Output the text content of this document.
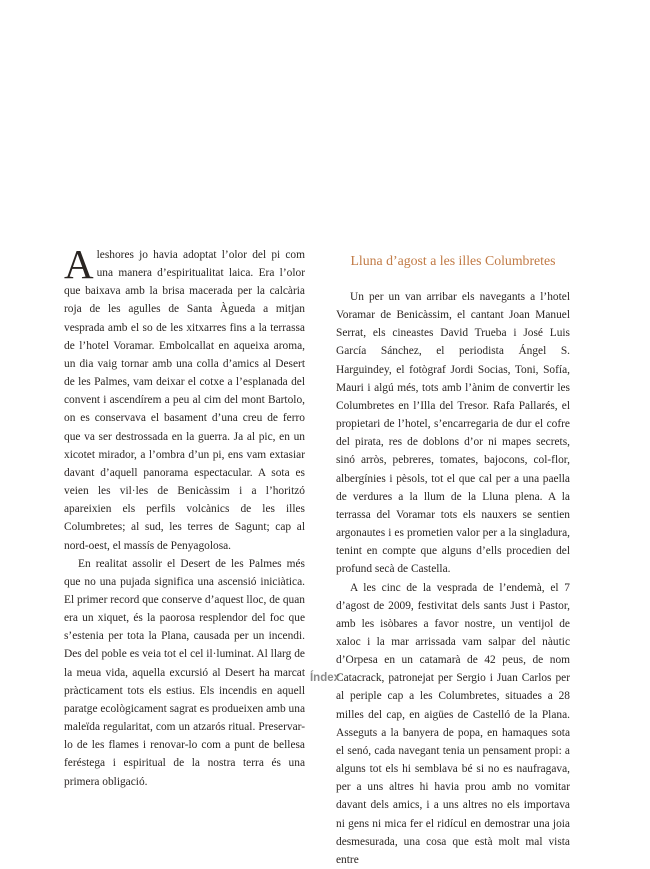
Aleshores jo havia adoptat l’olor del pi com una manera d’espiritualitat laica. Era l’olor que baixava amb la brisa macerada per la calcària roja de les agulles de Santa Àgueda a mitjan vesprada amb el so de les xitxarres fins a la terrassa de l’hotel Voramar. Embolcallat en aqueixa aroma, un dia vaig tornar amb una colla d’amics al Desert de les Palmes, vam deixar el cotxe a l’esplanada del convent i ascendírem a peu al cim del mont Bartolo, on es conservava el basament d’una creu de ferro que va ser destrossada en la guerra. Ja al pic, en un xicotet mirador, a l’ombra d’un pi, ens vam extasiar davant d’aquell panorama espectacular. A sota es veien les vil·les de Benicàssim i a l’horitzó apareixien els perfils volcànics de les illes Columbretes; al sud, les terres de Sagunt; cap al nord-oest, el massís de Penyagolosa.

En realitat assolir el Desert de les Palmes més que no una pujada significa una ascensió iniciàtica. El primer record que conserve d’aquest lloc, de quan era un xiquet, és la paorosa resplendor del foc que s’estenia per tota la Plana, causada per un incendi. Des del poble es veia tot el cel il·luminat. Al llarg de la meua vida, aquella excursió al Desert ha marcat pràcticament tots els estius. Els incendis en aquell paratge ecològicament sagrat es produeixen amb una maleïda regularitat, com un atzarós ritual. Preservar-lo de les flames i renovar-lo com a punt de bellesa feréstega i espiritual de la nostra terra és una primera obligació.

Lluna d’agost a les illes Columbretes

Un per un van arribar els navegants a l’hotel Voramar de Benicàssim, el cantant Joan Manuel Serrat, els cineastes David Trueba i José Luis García Sánchez, el periodista Ángel S. Harguindey, el fotògraf Jordi Socias, Toni, Sofía, Mauri i algú més, tots amb l’ànim de convertir les Columbretes en l’Illa del Tresor. Rafa Pallarés, el propietari de l’hotel, s’encarregaria de dur el cofre del pirata, res de doblons d’or ni mapes secrets, sinó arròs, pebreres, tomates, bajocons, col-flor, albergínies i pèsols, tot el que cal per a una paella de verdures a la llum de la Lluna plena. A la terrassa del Voramar tots els nauxers se sentien argonautes i es prometien valor per a la singladura, tenint en compte que alguns d’ells procedien del profund secà de Castella.

A les cinc de la vesprada de l’endemà, el 7 d’agost de 2009, festivitat dels sants Just i Pastor, amb les isòbares a favor nostre, un ventijol de xaloc i la mar arrissada vam salpar del nàutic d’Orpesa en un catamarà de 42 peus, de nom Catacrack, patronejat per Sergio i Juan Carlos per al periple cap a les Columbretes, situades a 28 milles del cap, en aigües de Castelló de la Plana. Asseguts a la banyera de popa, en hamaques sota el senó, cada navegant tenia un pensament propi: a alguns tot els hi semblava bé si no es naufragava, per a uns altres hi havia prou amb no vomitar davant dels amics, i a uns altres no els importava ni gens ni mica fer el ridícul en demostrar una joia desmesurada, una cosa que està molt mal vista entre

Índex
